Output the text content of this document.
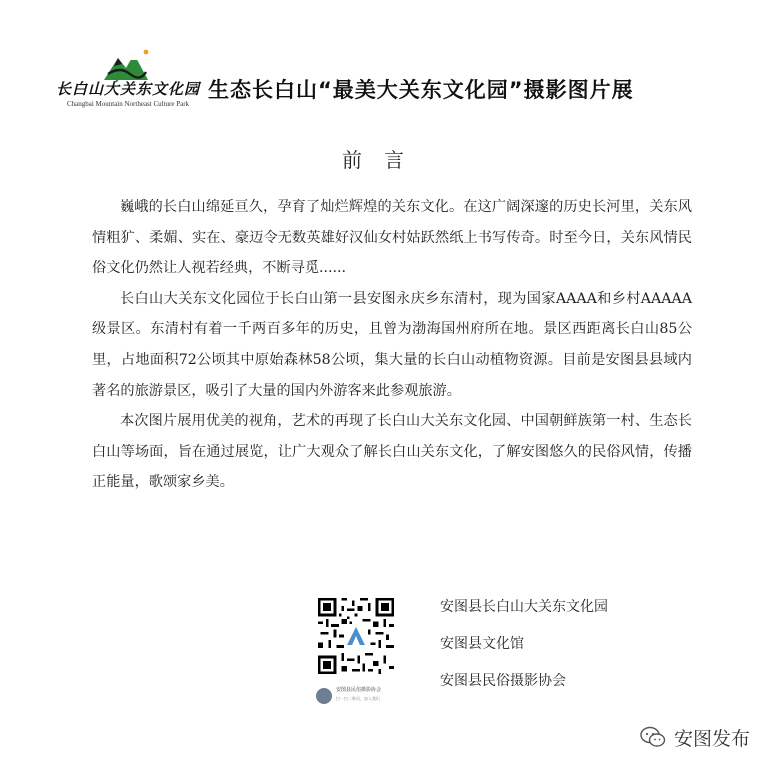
长白山大关东文化园
Changbai Mountain Northeast Culture Park
生态长白山“最美大关东文化园”摄影图片展
前言

巍峨的长白山绵延亘久，孕育了灿烂辉煌的关东文化。在这广阔深邃的历史长河里，关东风情粗犷、柔媚、实在、豪迈令无数英雄好汉仙女村姑跃然纸上书写传奇。时至今日，关东风情民俗文化仍然让人视若经典，不断寻觅......

长白山大关东文化园位于长白山第一县安图永庆乡东清村，现为国家AAAA和乡村AAAAA级景区。东清村有着一千两百多年的历史，且曾为渤海国州府所在地。景区西距离长白山85公里，占地面积72公顷其中原始森林58公顷，集大量的长白山动植物资源。目前是安图县县域内著名的旅游景区，吸引了大量的国内外游客来此参观旅游。

本次图片展用优美的视角，艺术的再现了长白山大关东文化园、中国朝鲜族第一村、生态长白山等场面，旨在通过展览，让广大观众了解长白山关东文化，了解安图悠久的民俗风情，传播正能量，歌颂家乡美。

安图县民俗摄影协会
扫一扫二维码，加入我们
安图县长白山大关东文化园
安图县文化馆
安图县民俗摄影协会
安图发布
